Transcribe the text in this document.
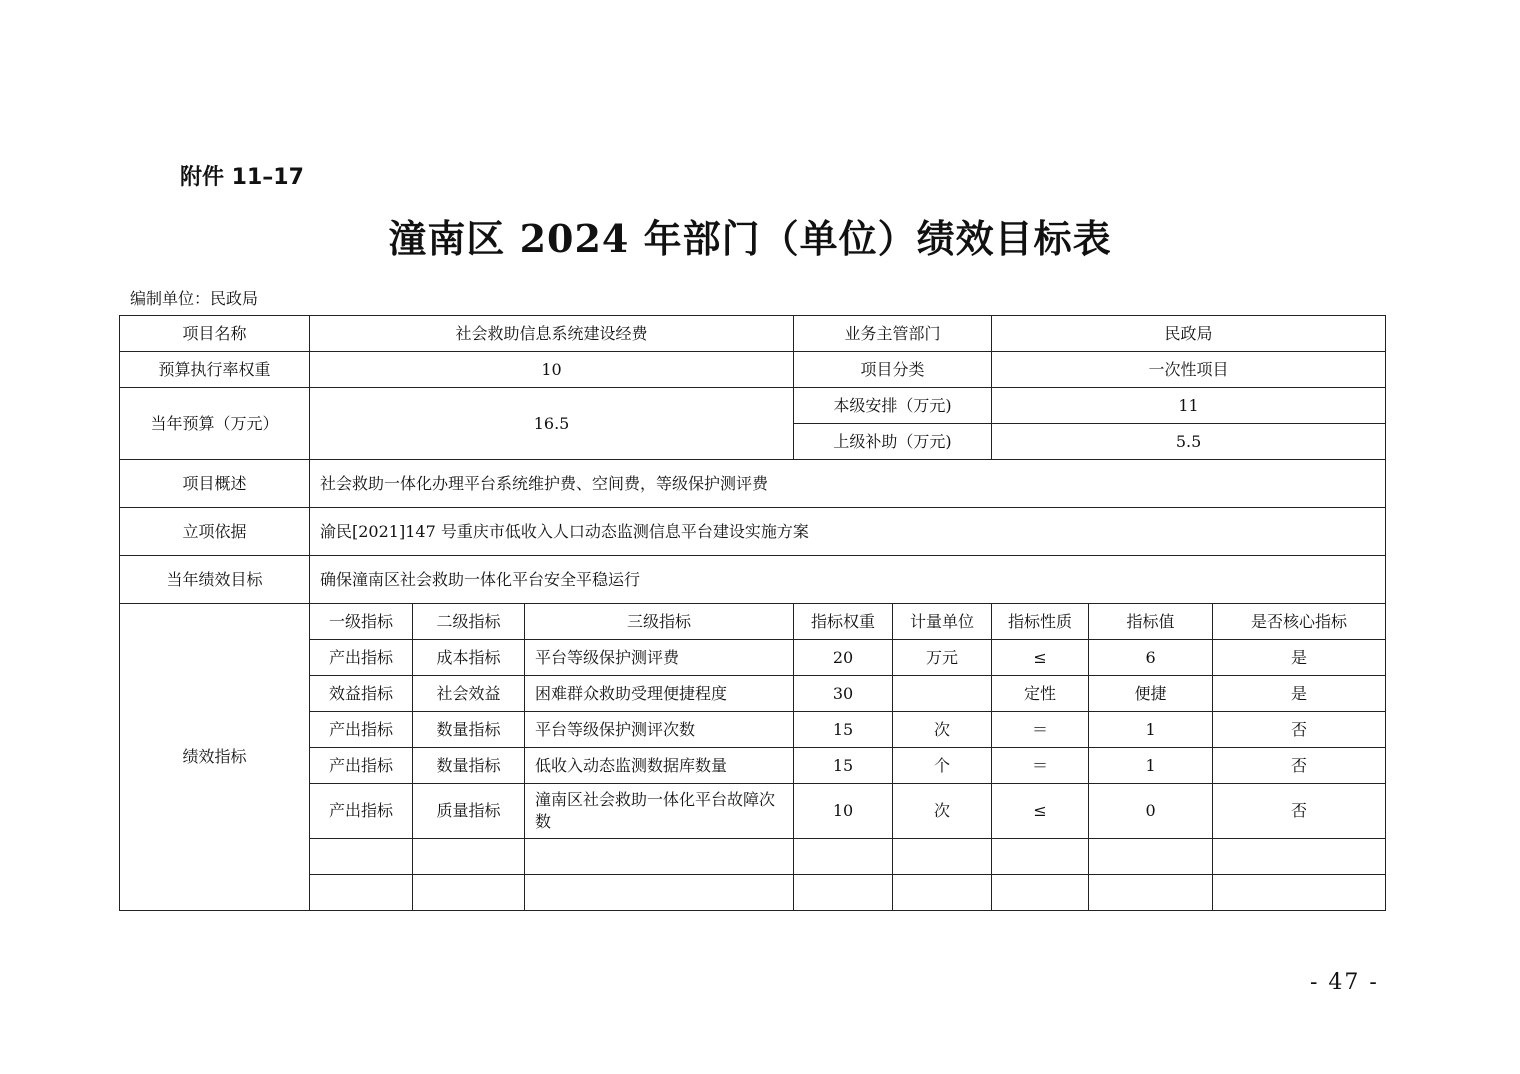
附件 11–17
潼南区 2024 年部门（单位）绩效目标表
编制单位：民政局
项目名称	社会救助信息系统建设经费			业务主管部门		民政局		
预算执行率权重	10			项目分类		一次性项目		
当年预算（万元）	16.5			本级安排（万元)		11		
				上级补助（万元)		5.5		
项目概述	社会救助一体化办理平台系统维护费、空间费，等级保护测评费							
立项依据	渝民[2021]147 号重庆市低收入人口动态监测信息平台建设实施方案							
当年绩效目标	确保潼南区社会救助一体化平台安全平稳运行							
绩效指标	一级指标	二级指标	三级指标	指标权重	计量单位	指标性质	指标值	是否核心指标
	产出指标	成本指标	平台等级保护测评费	20	万元	≤	6	是
	效益指标	社会效益	困难群众救助受理便捷程度	30		定性	便捷	是
	产出指标	数量指标	平台等级保护测评次数	15	次	＝	1	否
	产出指标	数量指标	低收入动态监测数据库数量	15	个	＝	1	否
	产出指标	质量指标	潼南区社会救助一体化平台故障次数	10	次	≤	0	否

- 47 -
